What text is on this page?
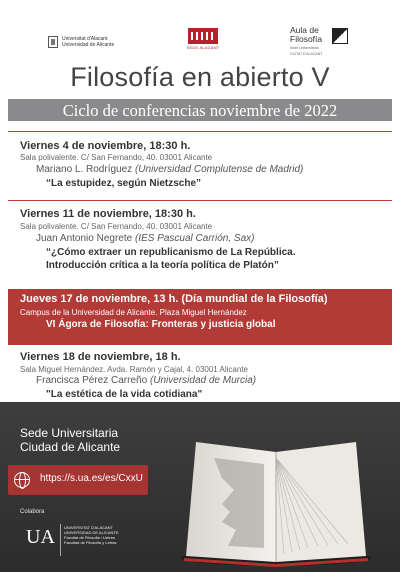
Universitat d'Alacant
Universidad de Alicante	SEDE ALACANT
Aula de
Filosofía
Sede Universitària
CIUTAT D'ALACANT
Filosofía en abierto V
Ciclo de conferencias noviembre de 2022
Viernes 4 de noviembre, 18:30 h.
Sala polivalente. C/ San Fernando, 40. 03001 Alicante
Mariano L. Rodríguez (Universidad Complutense de Madrid)
“La estupidez, según Nietzsche”
Viernes 11 de noviembre, 18:30 h.
Sala polivalente. C/ San Fernando, 40. 03001 Alicante
Juan Antonio Negrete (IES Pascual Carrión, Sax)
“¿Cómo extraer un republicanismo de La República.
Introducción crítica a la teoría política de Platón”
Jueves 17 de noviembre, 13 h. (Día mundial de la Filosofía)
Campus de la Universidad de Alicante. Plaza Miguel Hernández
VI Ágora de Filosofía: Fronteras y justicia global
Viernes 18 de noviembre, 18 h.
Sala Miguel Hernández. Avda. Ramón y Cajal, 4. 03001 Alicante
Francisca Pérez Carreño (Universidad de Murcia)
"La estética de la vida cotidiana"
Sede Universitaria
Ciudad de Alicante
https://s.ua.es/es/CxxU
Colabora
UA UNIVERSITAT D'ALACANT
UNIVERSIDAD DE ALICANTE
Facultat de Filosofia i Lletres
Facultad de Filosofía y Letras
